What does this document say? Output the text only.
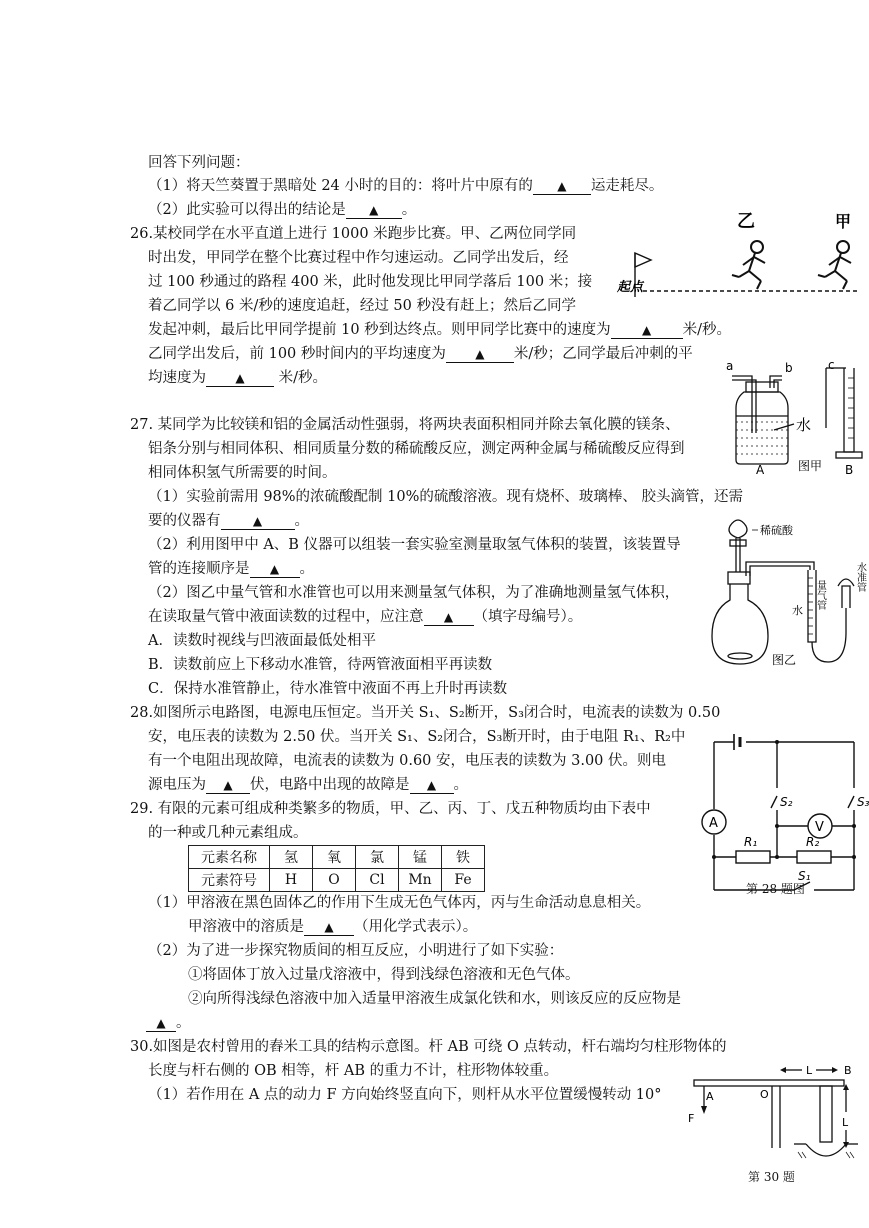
回答下列问题：
（1）将天竺葵置于黑暗处 24 小时的目的：将叶片中原有的 ▲ 运走耗尽。
（2）此实验可以得出的结论是 ▲ 。
26.某校同学在水平直道上进行 1000 米跑步比赛。甲、乙两位同学同
时出发，甲同学在整个比赛过程中作匀速运动。乙同学出发后，经
过 100 秒通过的路程 400 米，此时他发现比甲同学落后 100 米；接
着乙同学以 6 米/秒的速度追赶，经过 50 秒没有赶上；然后乙同学
发起冲刺，最后比甲同学提前 10 秒到达终点。则甲同学比赛中的速度为	▲ 米/秒。
乙同学出发后，前 100 秒时间内的平均速度为 ▲ 米/秒；乙同学最后冲刺的平
均速度为 ▲ 米/秒。
27. 某同学为比较镁和铝的金属活动性强弱，将两块表面积相同并除去氧化膜的镁条、
铝条分别与相同体积、相同质量分数的稀硫酸反应，测定两种金属与稀硫酸反应得到
相同体积氢气所需要的时间。
（1）实验前需用 98%的浓硫酸配制 10%的硫酸溶液。现有烧杯、玻璃棒、 胶头滴管，还需
要的仪器有	▲ 。
（2）利用图甲中 A、B 仪器可以组装一套实验室测量取氢气体积的装置，该装置导
管的连接顺序是 ▲ 。
（2）图乙中量气管和水准管也可以用来测量氢气体积，为了准确地测量氢气体积，
在读取量气管中液面读数的过程中，应注意 ▲ （填字母编号）。
A．读数时视线与凹液面最低处相平
B．读数前应上下移动水准管，待两管液面相平再读数
C．保持水准管静止，待水准管中液面不再上升时再读数
28.如图所示电路图，电源电压恒定。当开关 S₁、S₂断开，S₃闭合时，电流表的读数为 0.50
安，电压表的读数为 2.50 伏。当开关 S₁、S₂闭合，S₃断开时，由于电阻 R₁、R₂中
有一个电阻出现故障，电流表的读数为 0.60 安，电压表的读数为 3.00 伏。则电
源电压为 ▲ 伏，电路中出现的故障是 ▲ 。
29. 有限的元素可组成种类繁多的物质，甲、乙、丙、丁、戊五种物质均由下表中
的一种或几种元素组成。
元素名称	氢	氧	氯	锰	铁
元素符号	H	O	Cl	Mn	Fe
（1）甲溶液在黑色固体乙的作用下生成无色气体丙，丙与生命活动息息相关。
甲溶液中的溶质是 ▲ （用化学式表示）。
（2）为了进一步探究物质间的相互反应，小明进行了如下实验：
①将固体丁放入过量戊溶液中，得到浅绿色溶液和无色气体。
②向所得浅绿色溶液中加入适量甲溶液生成氯化铁和水，则该反应的反应物是
▲ 。
30.如图是农村曾用的舂米工具的结构示意图。杆 AB 可绕 O 点转动，杆右端均匀柱形物体的
长度与杆右侧的 OB 相等，杆 AB 的重力不计，柱形物体较重。
（1）若作用在 A 点的动力 F 方向始终竖直向下，则杆从水平位置缓慢转动 10°
起点
乙	甲
a	b	c
水
A	图甲 B
稀硫酸
水
量气管
水准管
图乙
A	V
S₂	S₃
R₁	R₂
S₁
第 28 题图
A	O
F
B
L
L
第 30 题
